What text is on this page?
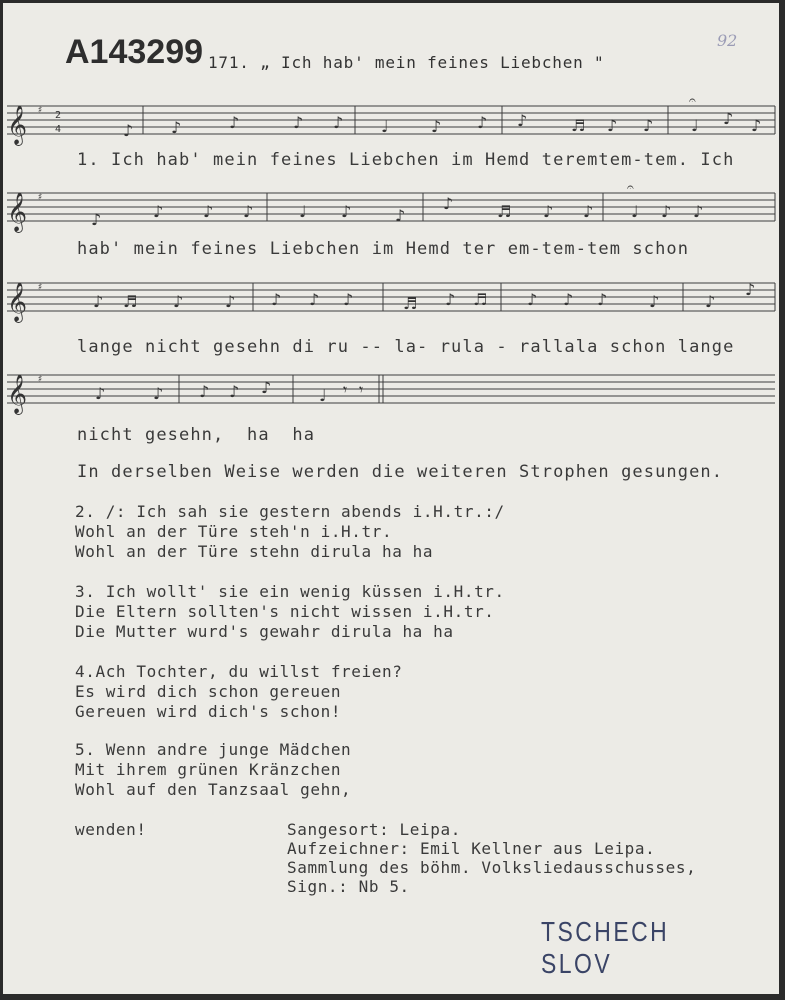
A143299 171. „ Ich hab' mein feines Liebchen "
92
𝄞 ♯ 2
4	♪ ♪	♪	♪ ♪ ♩	♪ ♪ ♪	♬ ♪ ♪ ♩ ♪ ♪
𝄐
1. Ich hab' mein feines Liebchen im Hemd teremtem-tem. Ich
𝄞 ♯
♪	♪ ♪ ♪	♩ ♪	♪
♪	♬ ♪ ♪ ♩ ♪ ♪
𝄐
hab' mein feines Liebchen im Hemd ter em-tem-tem schon
𝄞 ♯
♪ ♬ ♪	♪ ♪ ♪ ♪	♬ ♪ ♬ ♪ ♪ ♪	♪	♪
♪
lange nicht gesehn di ru -- la- rula - rallala schon lange
𝄞 ♯
♪	♪ ♪ ♪ ♪	♩ 𝄾 𝄾
nicht gesehn,  ha  ha
In derselben Weise werden die weiteren Strophen gesungen.
2. /: Ich sah sie gestern abends i.H.tr.:/
Wohl an der Türe steh'n i.H.tr.
Wohl an der Türe stehn dirula ha ha
3. Ich wollt' sie ein wenig küssen i.H.tr.
Die Eltern sollten's nicht wissen i.H.tr.
Die Mutter wurd's gewahr dirula ha ha
4.Ach Tochter, du willst freien?
Es wird dich schon gereuen
Gereuen wird dich's schon!
5. Wenn andre junge Mädchen
Mit ihrem grünen Kränzchen
Wohl auf den Tanzsaal gehn,
wenden!	Sangesort: Leipa.
Aufzeichner: Emil Kellner aus Leipa.
Sammlung des böhm. Volksliedausschusses,
Sign.: Nb 5.
TSCHECH SLOV
